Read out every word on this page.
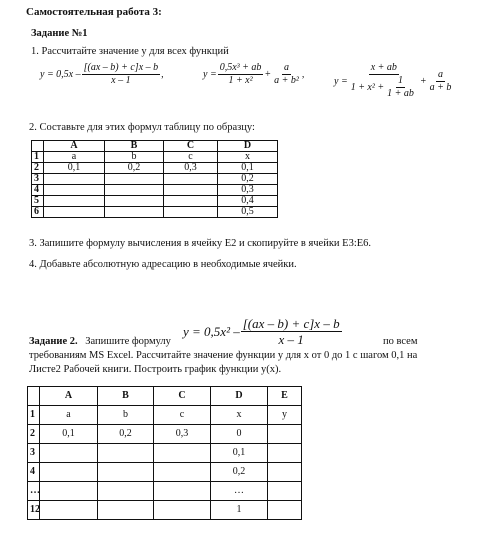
Самостоятельная работа 3:
Задание №1
1. Рассчитайте значение y для всех функций
$y = 0,5x - \frac{[(ax - b) + c]x - b}{x - 1}$ ,	$y = \frac{\text{0,5x³ + ab}}{\text{1 + x²}} + \frac{a}{\text{a + b²}}$ ,
$y = \frac{x + ab}{1 + x^2 + \frac{1}{1 + ab}} + \frac{a}{a + b}$
2. Составьте для этих формул таблицу по образцу:
	A	B	C	D
1	a	b	c	x
2	0,1	0,2	0,3	0,1
3				0,2
4				0,3
5				0,4
6				0,5
3. Запишите формулу вычисления в ячейку E2 и скопируйте в ячейки E3:E6.
4. Добавьте абсолютную адресацию в необходимые ячейки.
$y = 0,5x^2 - \frac{[(ax - b) + c]x - b}{x - 1}$
Задание 2. Запишите формулу	по всем
требованиям MS Excel. Рассчитайте значение функции y для x от 0 до 1 с шагом 0,1 на
Листе2 Рабочей книги. Построить график функции y(x).
	A	B	C	D	E
1	a	b	c	x	y
2	0,1	0,2	0,3	0	
3				0,1	
4				0,2	
…				…	
12				1	
